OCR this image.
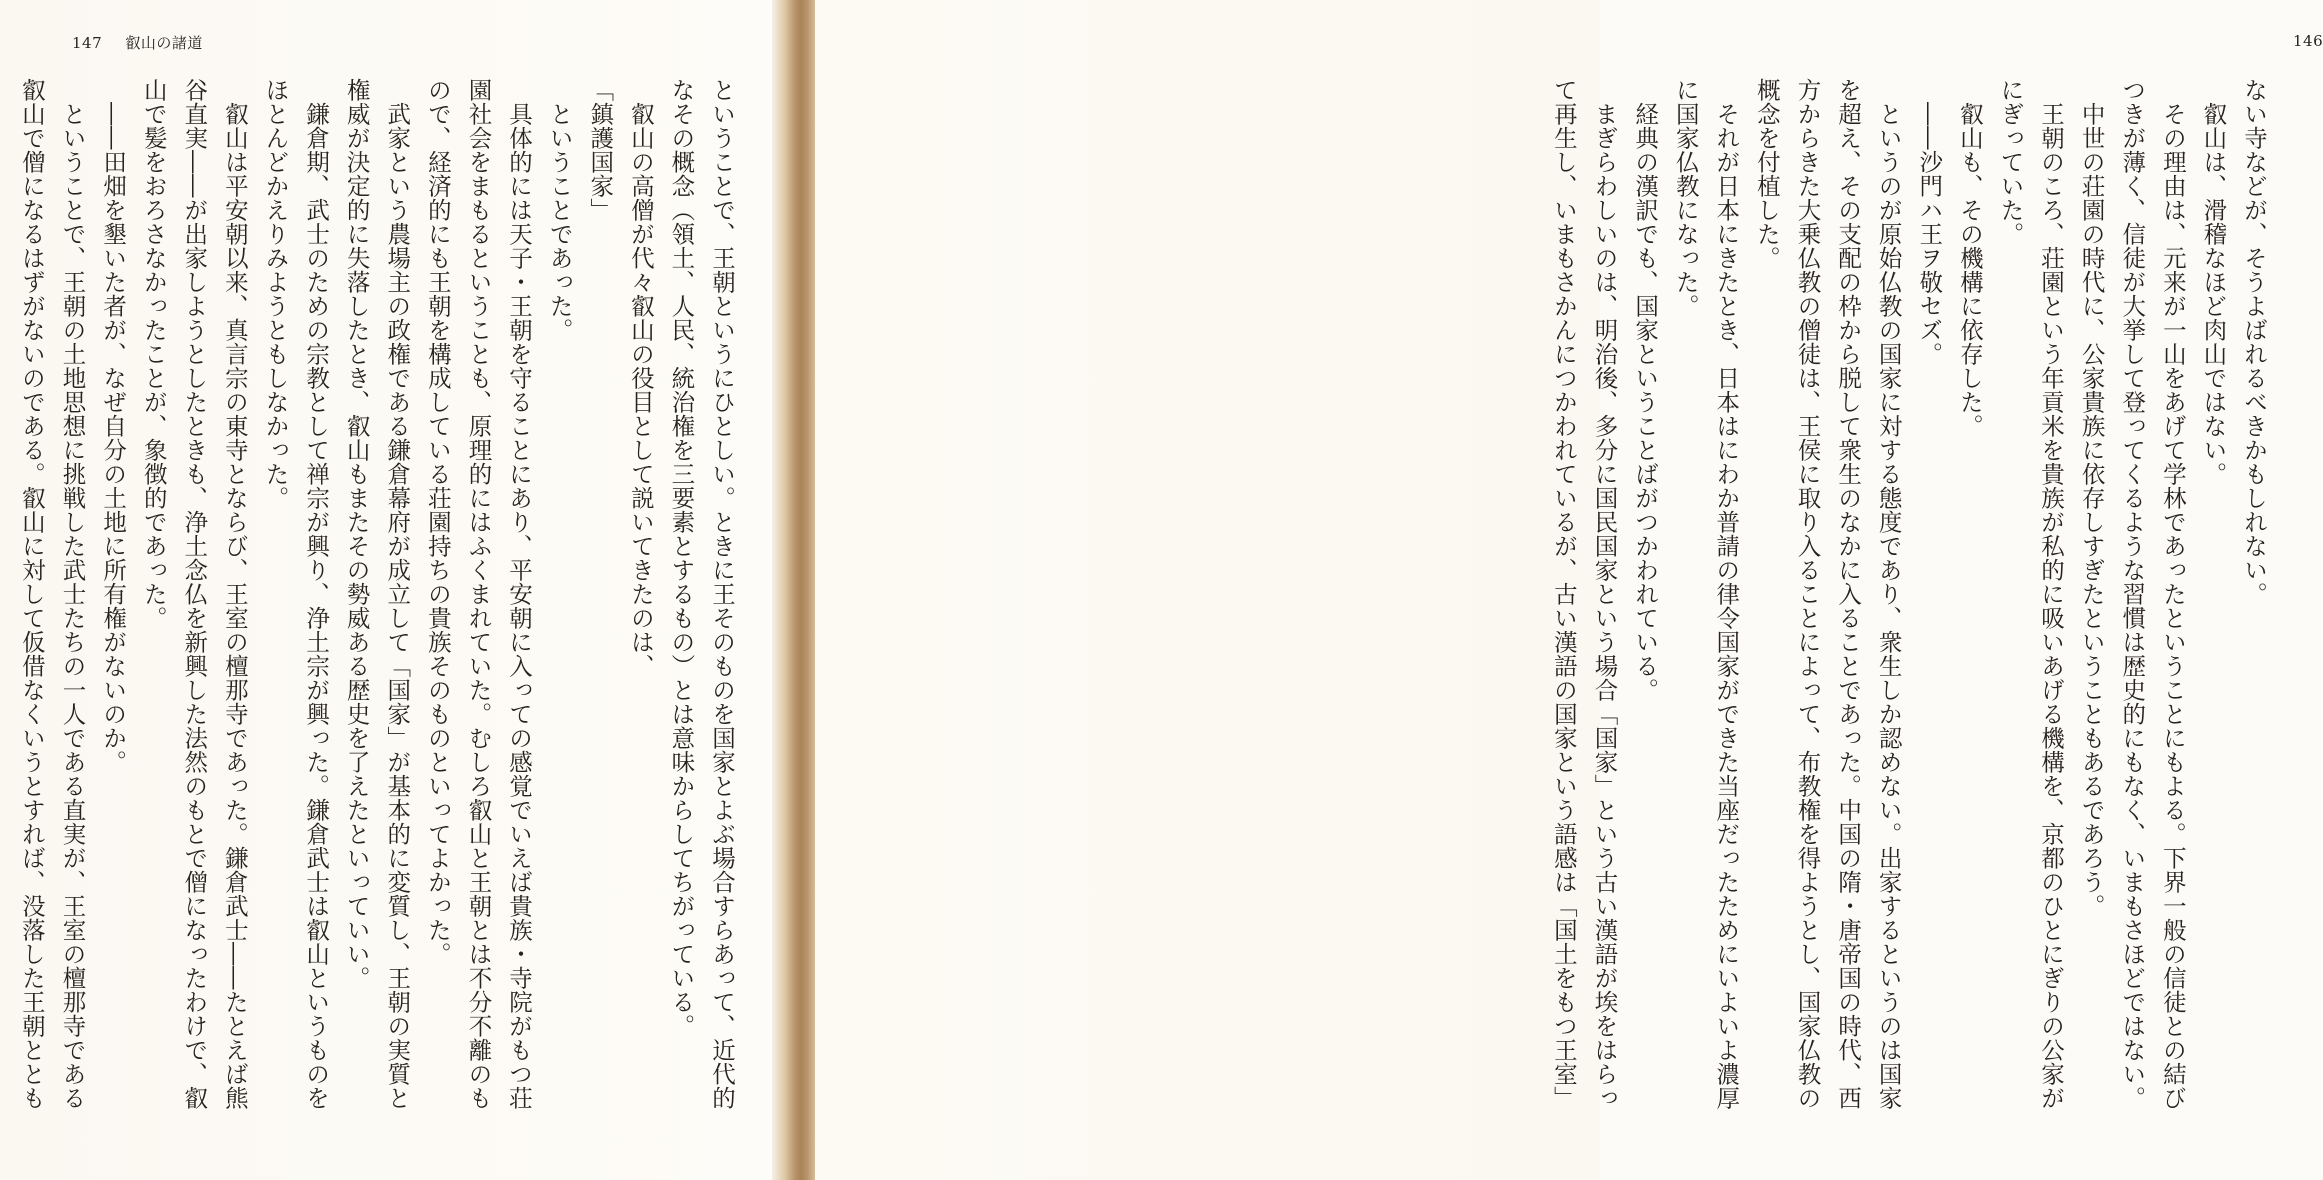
147 叡山の諸道
ということで、王朝というにひとしい。ときに王そのものを国家とよぶ場合すらあって、近代的
なその概念（領土、人民、統治権を三要素とするもの）とは意味からしてちがっている。
　叡山の高僧が代々叡山の役目として説いてきたのは、
「鎮護国家」
　ということであった。
　具体的には天子・王朝を守ることにあり、平安朝に入っての感覚でいえば貴族・寺院がもつ荘
園社会をまもるということも、原理的にはふくまれていた。むしろ叡山と王朝とは不分不離のも
ので、経済的にも王朝を構成している荘園持ちの貴族そのものといってよかった。
　武家という農場主の政権である鎌倉幕府が成立して「国家」が基本的に変質し、王朝の実質と
権威が決定的に失落したとき、叡山もまたその勢威ある歴史を了えたといっていい。
　鎌倉期、武士のための宗教として禅宗が興り、浄土宗が興った。鎌倉武士は叡山というものを
ほとんどかえりみようともしなかった。
　叡山は平安朝以来、真言宗の東寺とならび、王室の檀那寺であった。鎌倉武士――たとえば熊
谷直実――が出家しようとしたときも、浄土念仏を新興した法然のもとで僧になったわけで、叡
山で髪をおろさなかったことが、象徴的であった。
　――田畑を墾いた者が、なぜ自分の土地に所有権がないのか。
　ということで、王朝の土地思想に挑戦した武士たちの一人である直実が、王室の檀那寺である
叡山で僧になるはずがないのである。叡山に対して仮借なくいうとすれば、没落した王朝ととも
146
ない寺などが、そうよばれるべきかもしれない。
　叡山は、滑稽なほど肉山ではない。
　その理由は、元来が一山をあげて学林であったということにもよる。下界一般の信徒との結び
つきが薄く、信徒が大挙して登ってくるような習慣は歴史的にもなく、いまもさほどではない。
　中世の荘園の時代に、公家貴族に依存しすぎたということもあるであろう。
　王朝のころ、荘園という年貢米を貴族が私的に吸いあげる機構を、京都のひとにぎりの公家が
にぎっていた。
　叡山も、その機構に依存した。
　――沙門ハ王ヲ敬セズ。
　というのが原始仏教の国家に対する態度であり、衆生しか認めない。出家するというのは国家
を超え、その支配の枠から脱して衆生のなかに入ることであった。中国の隋・唐帝国の時代、西
方からきた大乗仏教の僧徒は、王侯に取り入ることによって、布教権を得ようとし、国家仏教の
概念を付植した。
　それが日本にきたとき、日本はにわか普請の律令国家ができた当座だったためにいよいよ濃厚
に国家仏教になった。
　経典の漢訳でも、国家ということばがつかわれている。
　まぎらわしいのは、明治後、多分に国民国家という場合「国家」という古い漢語が埃をはらっ
て再生し、いまもさかんにつかわれているが、古い漢語の国家という語感は「国土をもつ王室」
